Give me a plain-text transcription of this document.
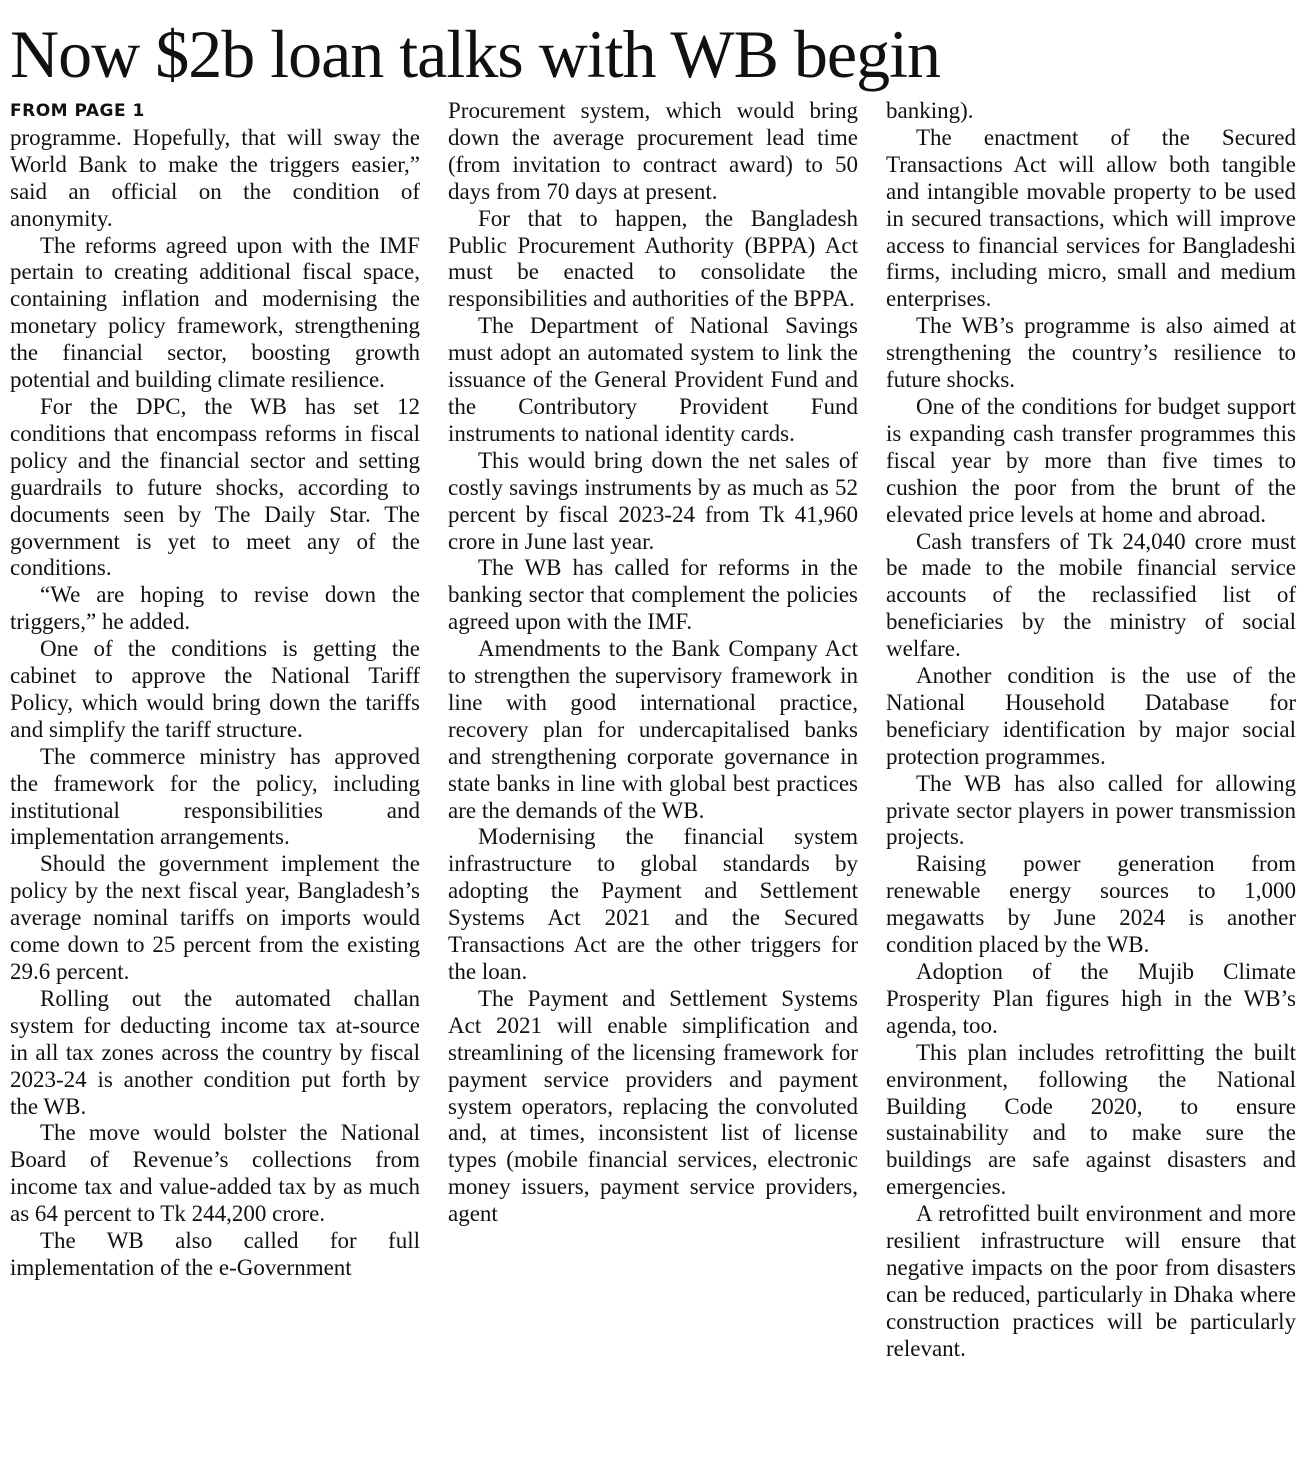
Now $2b loan talks with WB begin
FROM PAGE 1

programme. Hopefully, that will sway the World Bank to make the triggers easier,” said an official on the condition of anonymity.

The reforms agreed upon with the IMF pertain to creating additional fiscal space, containing inflation and modernising the monetary policy framework, strengthening the financial sector, boosting growth potential and building climate resilience.

For the DPC, the WB has set 12 conditions that encompass reforms in fiscal policy and the financial sector and setting guardrails to future shocks, according to documents seen by The Daily Star. The government is yet to meet any of the conditions.

“We are hoping to revise down the triggers,” he added.

One of the conditions is getting the cabinet to approve the National Tariff Policy, which would bring down the tariffs and simplify the tariff structure.

The commerce ministry has approved the framework for the policy, including institutional responsibilities and implementation arrangements.

Should the government implement the policy by the next fiscal year, Bangladesh’s average nominal tariffs on imports would come down to 25 percent from the existing 29.6 percent.

Rolling out the automated challan system for deducting income tax at-source in all tax zones across the country by fiscal 2023-24 is another condition put forth by the WB.

The move would bolster the National Board of Revenue’s collections from income tax and value-added tax by as much as 64 percent to Tk 244,200 crore.

The WB also called for full implementation of the e-Government

Procurement system, which would bring down the average procurement lead time (from invitation to contract award) to 50 days from 70 days at present.

For that to happen, the Bangladesh Public Procurement Authority (BPPA) Act must be enacted to consolidate the responsibilities and authorities of the BPPA.

The Department of National Savings must adopt an automated system to link the issuance of the General Provident Fund and the Contributory Provident Fund instruments to national identity cards.

This would bring down the net sales of costly savings instruments by as much as 52 percent by fiscal 2023-24 from Tk 41,960 crore in June last year.

The WB has called for reforms in the banking sector that complement the policies agreed upon with the IMF.

Amendments to the Bank Company Act to strengthen the supervisory framework in line with good international practice, recovery plan for undercapitalised banks and strengthening corporate governance in state banks in line with global best practices are the demands of the WB.

Modernising the financial system infrastructure to global standards by adopting the Payment and Settlement Systems Act 2021 and the Secured Transactions Act are the other triggers for the loan.

The Payment and Settlement Systems Act 2021 will enable simplification and streamlining of the licensing framework for payment service providers and payment system operators, replacing the convoluted and, at times, inconsistent list of license types (mobile financial services, electronic money issuers, payment service providers, agent

banking).

The enactment of the Secured Transactions Act will allow both tangible and intangible movable property to be used in secured transactions, which will improve access to financial services for Bangladeshi firms, including micro, small and medium enterprises.

The WB’s programme is also aimed at strengthening the country’s resilience to future shocks.

One of the conditions for budget support is expanding cash transfer programmes this fiscal year by more than five times to cushion the poor from the brunt of the elevated price levels at home and abroad.

Cash transfers of Tk 24,040 crore must be made to the mobile financial service accounts of the reclassified list of beneficiaries by the ministry of social welfare.

Another condition is the use of the National Household Database for beneficiary identification by major social protection programmes.

The WB has also called for allowing private sector players in power transmission projects.

Raising power generation from renewable energy sources to 1,000 megawatts by June 2024 is another condition placed by the WB.

Adoption of the Mujib Climate Prosperity Plan figures high in the WB’s agenda, too.

This plan includes retrofitting the built environment, following the National Building Code 2020, to ensure sustainability and to make sure the buildings are safe against disasters and emergencies.

A retrofitted built environment and more resilient infrastructure will ensure that negative impacts on the poor from disasters can be reduced, particularly in Dhaka where construction practices will be particularly relevant.
